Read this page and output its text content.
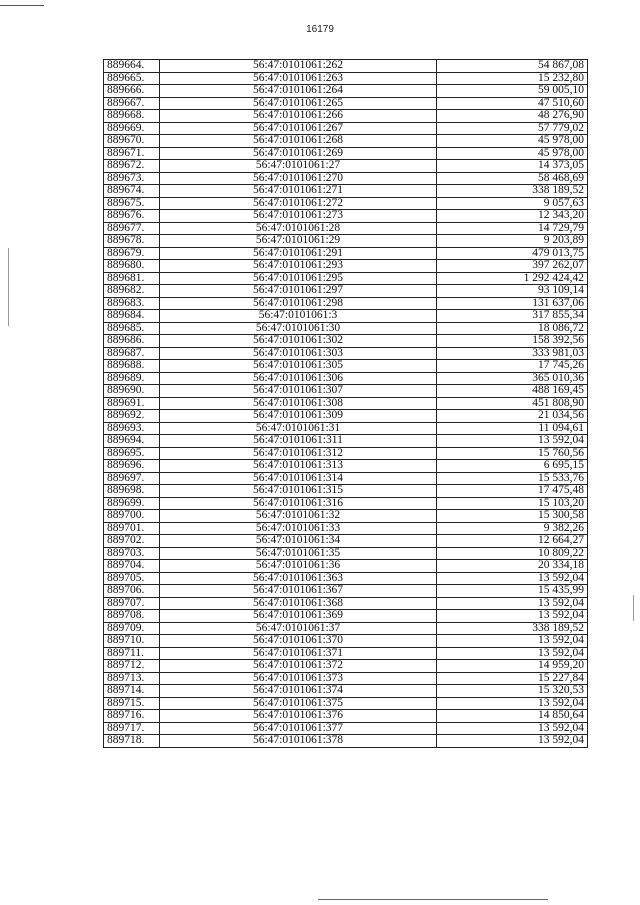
16179
889664.	56:47:0101061:262	54 867,08
889665.	56:47:0101061:263	15 232,80
889666.	56:47:0101061:264	59 005,10
889667.	56:47:0101061:265	47 510,60
889668.	56:47:0101061:266	48 276,90
889669.	56:47:0101061:267	57 779,02
889670.	56:47:0101061:268	45 978,00
889671.	56:47:0101061:269	45 978,00
889672.	56:47:0101061:27	14 373,05
889673.	56:47:0101061:270	58 468,69
889674.	56:47:0101061:271	338 189,52
889675.	56:47:0101061:272	9 057,63
889676.	56:47:0101061:273	12 343,20
889677.	56:47:0101061:28	14 729,79
889678.	56:47:0101061:29	9 203,89
889679.	56:47:0101061:291	479 013,75
889680.	56:47:0101061:293	397 262,07
889681.	56:47:0101061:295	1 292 424,42
889682.	56:47:0101061:297	93 109,14
889683.	56:47:0101061:298	131 637,06
889684.	56:47:0101061:3	317 855,34
889685.	56:47:0101061:30	18 086,72
889686.	56:47:0101061:302	158 392,56
889687.	56:47:0101061:303	333 981,03
889688.	56:47:0101061:305	17 745,26
889689.	56:47:0101061:306	365 010,36
889690.	56:47:0101061:307	488 169,45
889691.	56:47:0101061:308	451 808,90
889692.	56:47:0101061:309	21 034,56
889693.	56:47:0101061:31	11 094,61
889694.	56:47:0101061:311	13 592,04
889695.	56:47:0101061:312	15 760,56
889696.	56:47:0101061:313	6 695,15
889697.	56:47:0101061:314	15 533,76
889698.	56:47:0101061:315	17 475,48
889699.	56:47:0101061:316	15 103,20
889700.	56:47:0101061:32	15 300,58
889701.	56:47:0101061:33	9 382,26
889702.	56:47:0101061:34	12 664,27
889703.	56:47:0101061:35	10 809,22
889704.	56:47:0101061:36	20 334,18
889705.	56:47:0101061:363	13 592,04
889706.	56:47:0101061:367	15 435,99
889707.	56:47:0101061:368	13 592,04
889708.	56:47:0101061:369	13 592,04
889709.	56:47:0101061:37	338 189,52
889710.	56:47:0101061:370	13 592,04
889711.	56:47:0101061:371	13 592,04
889712.	56:47:0101061:372	14 959,20
889713.	56:47:0101061:373	15 227,84
889714.	56:47:0101061:374	15 320,53
889715.	56:47:0101061:375	13 592,04
889716.	56:47:0101061:376	14 850,64
889717.	56:47:0101061:377	13 592,04
889718.	56:47:0101061:378	13 592,04
